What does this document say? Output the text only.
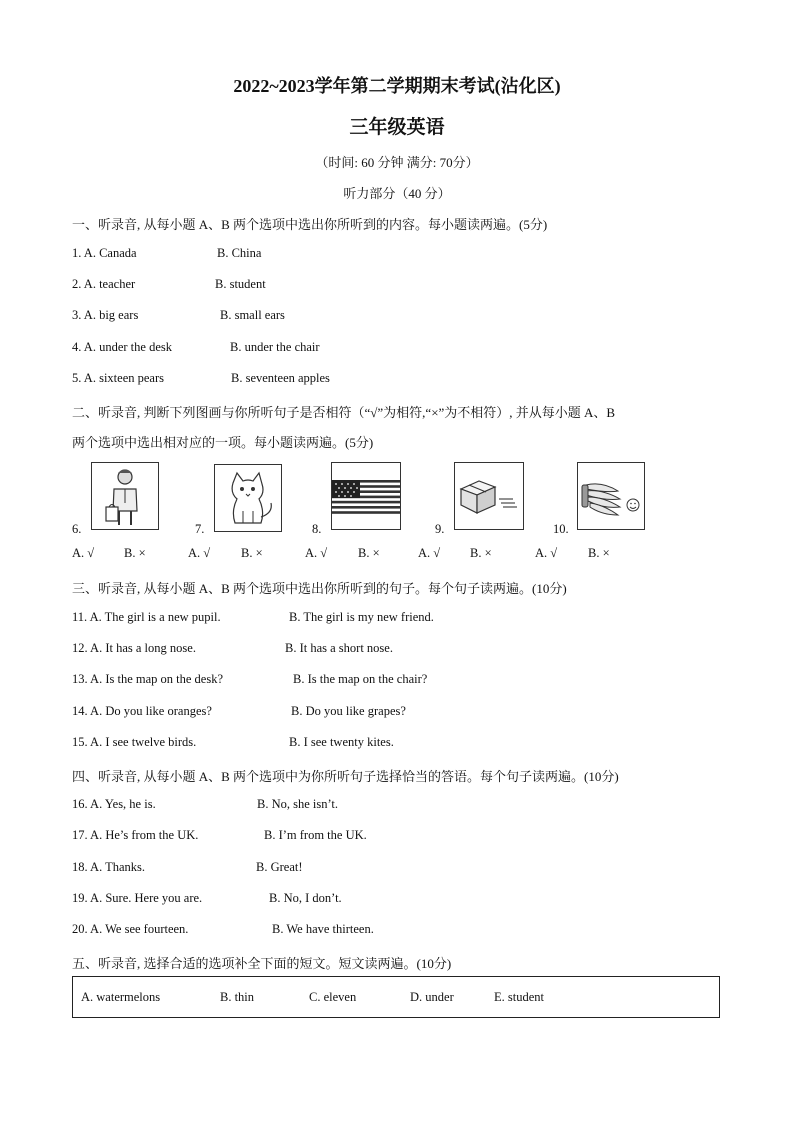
2022~2023学年第二学期期末考试(沾化区)
三年级英语
（时间: 60 分钟 满分: 70分）
听力部分（40 分）
一、听录音, 从每小题 A、B 两个选项中选出你所听到的内容。每小题读两遍。(5分)
1. A. Canada	B. China
2. A. teacher	B. student
3. A. big ears	B. small ears
4. A. under the desk	B. under the chair
5. A. sixteen pears	B. seventeen apples
二、听录音, 判断下列图画与你所听句子是否相符（“√”为相符,“×”为不相符）, 并从每小题 A、B
两个选项中选出相对应的一项。每小题读两遍。(5分)
6.	7.	8.	9.	10.
A. √ B. ×	A. √ B. ×	A. √ B. ×	A. √ B. ×	A. √ B. ×
三、听录音, 从每小题 A、B 两个选项中选出你所听到的句子。每个句子读两遍。(10分)
11. A. The girl is a new pupil.	B. The girl is my new friend.
12. A. It has a long nose.	B. It has a short nose.
13. A. Is the map on the desk?	B. Is the map on the chair?
14. A. Do you like oranges?	B. Do you like grapes?
15. A. I see twelve birds.	B. I see twenty kites.
四、听录音, 从每小题 A、B 两个选项中为你所听句子选择恰当的答语。每个句子读两遍。(10分)
16. A. Yes, he is.	B. No, she isn’t.
17. A. He’s from the UK.	B. I’m from the UK.
18. A. Thanks.	B. Great!
19. A. Sure. Here you are.	B. No, I don’t.
20. A. We see fourteen.	B. We have thirteen.
五、听录音, 选择合适的选项补全下面的短文。短文读两遍。(10分)
A. watermelons	B. thin	C. eleven	D. under	E. student
